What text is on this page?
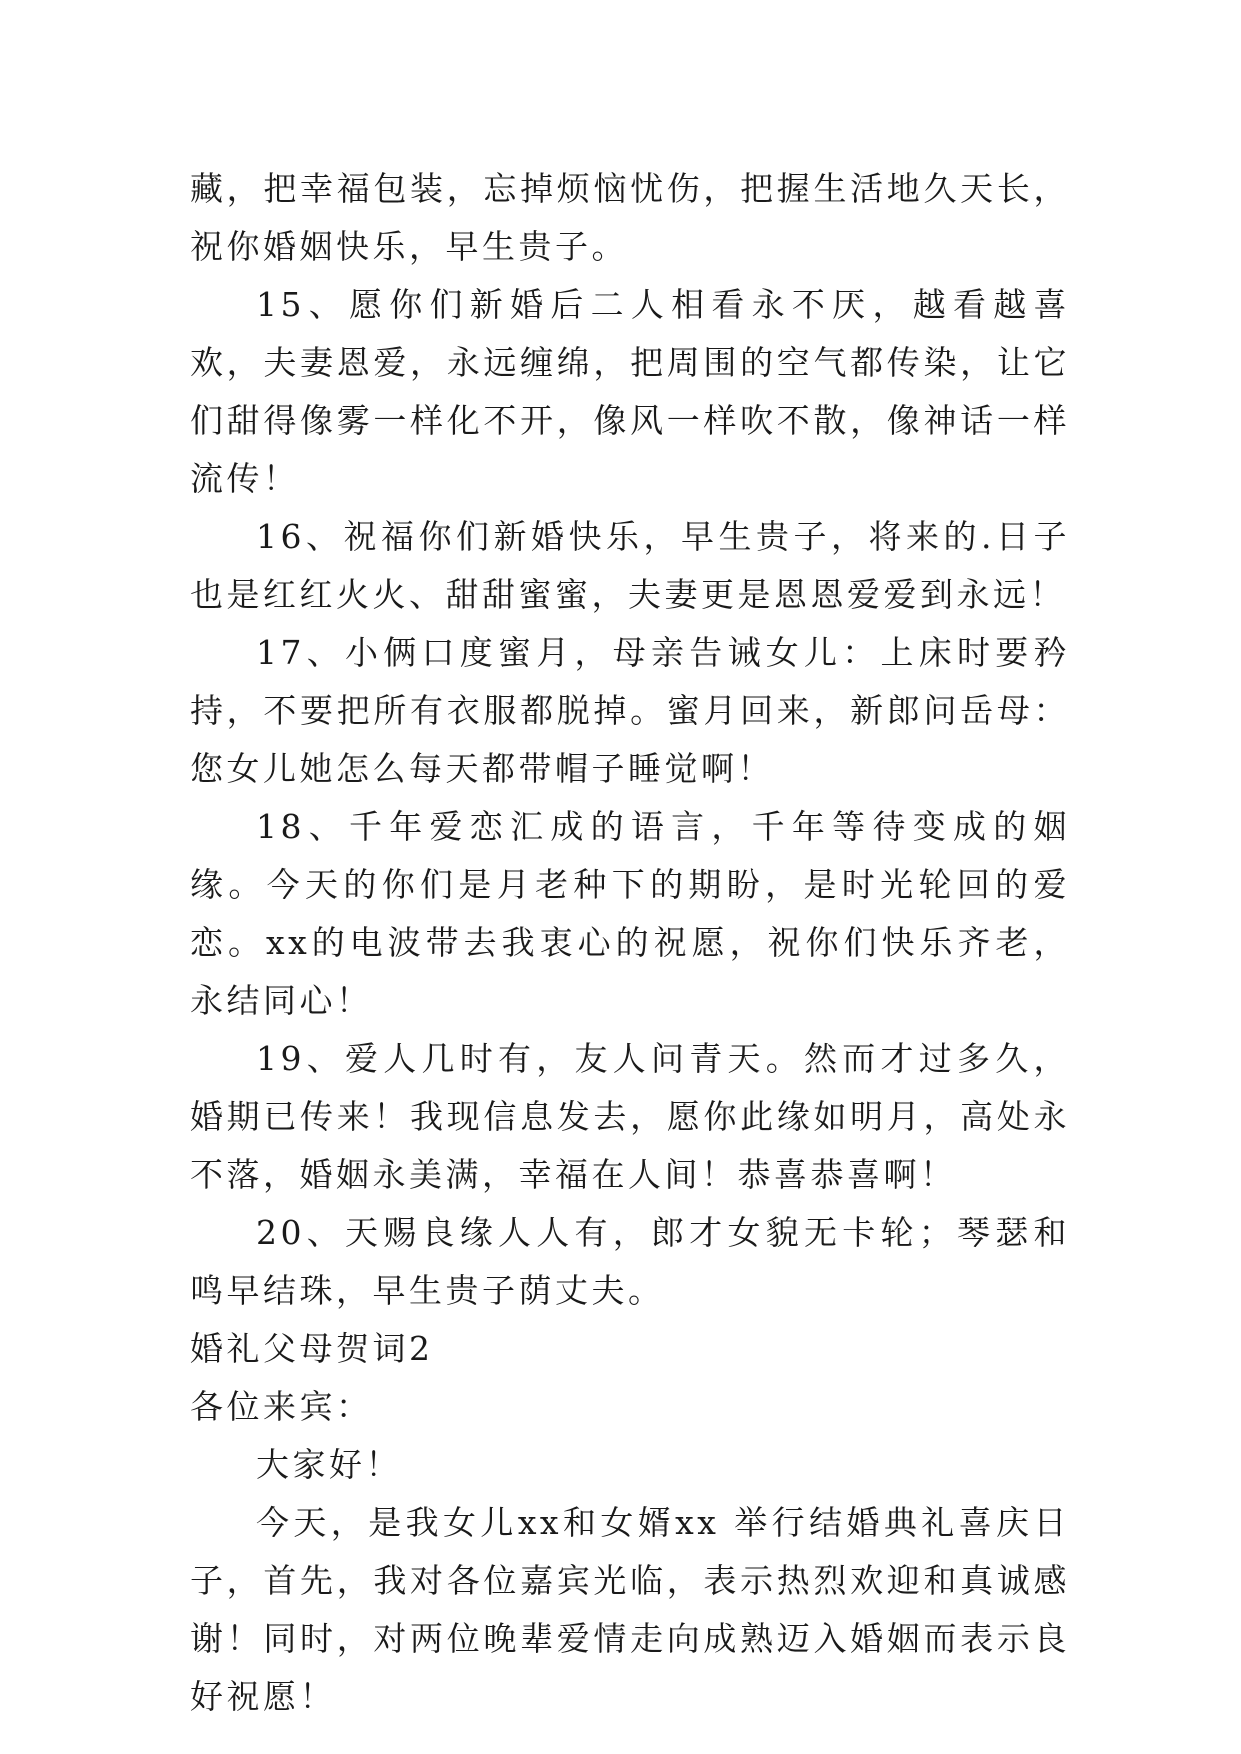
藏，把幸福包装，忘掉烦恼忧伤，把握生活地久天长，祝你婚姻快乐，早生贵子。

15、愿你们新婚后二人相看永不厌，越看越喜欢，夫妻恩爱，永远缠绵，把周围的空气都传染，让它们甜得像雾一样化不开，像风一样吹不散，像神话一样流传！

16、祝福你们新婚快乐，早生贵子，将来的.日子也是红红火火、甜甜蜜蜜，夫妻更是恩恩爱爱到永远！

17、小俩口度蜜月，母亲告诫女儿：上床时要矜持，不要把所有衣服都脱掉。蜜月回来，新郎问岳母：您女儿她怎么每天都带帽子睡觉啊！

18、千年爱恋汇成的语言，千年等待变成的姻缘。今天的你们是月老种下的期盼，是时光轮回的爱恋。xx的电波带去我衷心的祝愿，祝你们快乐齐老，永结同心！

19、爱人几时有，友人问青天。然而才过多久，婚期已传来！我现信息发去，愿你此缘如明月，高处永不落，婚姻永美满，幸福在人间！恭喜恭喜啊！

20、天赐良缘人人有，郎才女貌无卡轮；琴瑟和鸣早结珠，早生贵子荫丈夫。

婚礼父母贺词2

各位来宾：

大家好！

今天，是我女儿xx和女婿xx 举行结婚典礼喜庆日子，首先，我对各位嘉宾光临，表示热烈欢迎和真诚感谢！同时，对两位晚辈爱情走向成熟迈入婚姻而表示良好祝愿！
